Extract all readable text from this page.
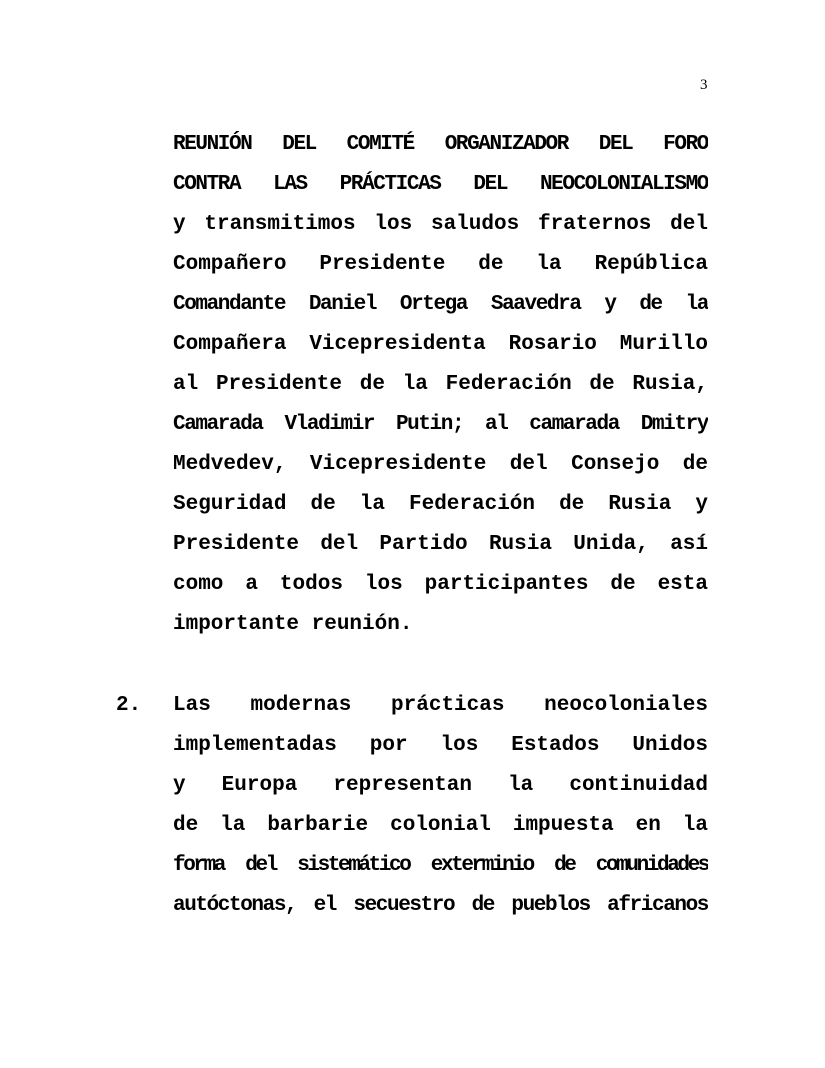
3
REUNIÓN DEL COMITÉ ORGANIZADOR DEL FORO
CONTRA LAS PRÁCTICAS DEL NEOCOLONIALISMO
y transmitimos los saludos fraternos del
Compañero Presidente de la República
Comandante Daniel Ortega Saavedra y de la
Compañera Vicepresidenta Rosario Murillo
al Presidente de la Federación de Rusia,
Camarada Vladimir Putin; al camarada Dmitry
Medvedev, Vicepresidente del Consejo de
Seguridad de la Federación de Rusia y
Presidente del Partido Rusia Unida, así
como a todos los participantes de esta
importante reunión.
2. Las modernas prácticas neocoloniales
implementadas por los Estados Unidos
y Europa representan la continuidad
de la barbarie colonial impuesta en la
forma del sistemático exterminio de comunidades
autóctonas, el secuestro de pueblos africanos
